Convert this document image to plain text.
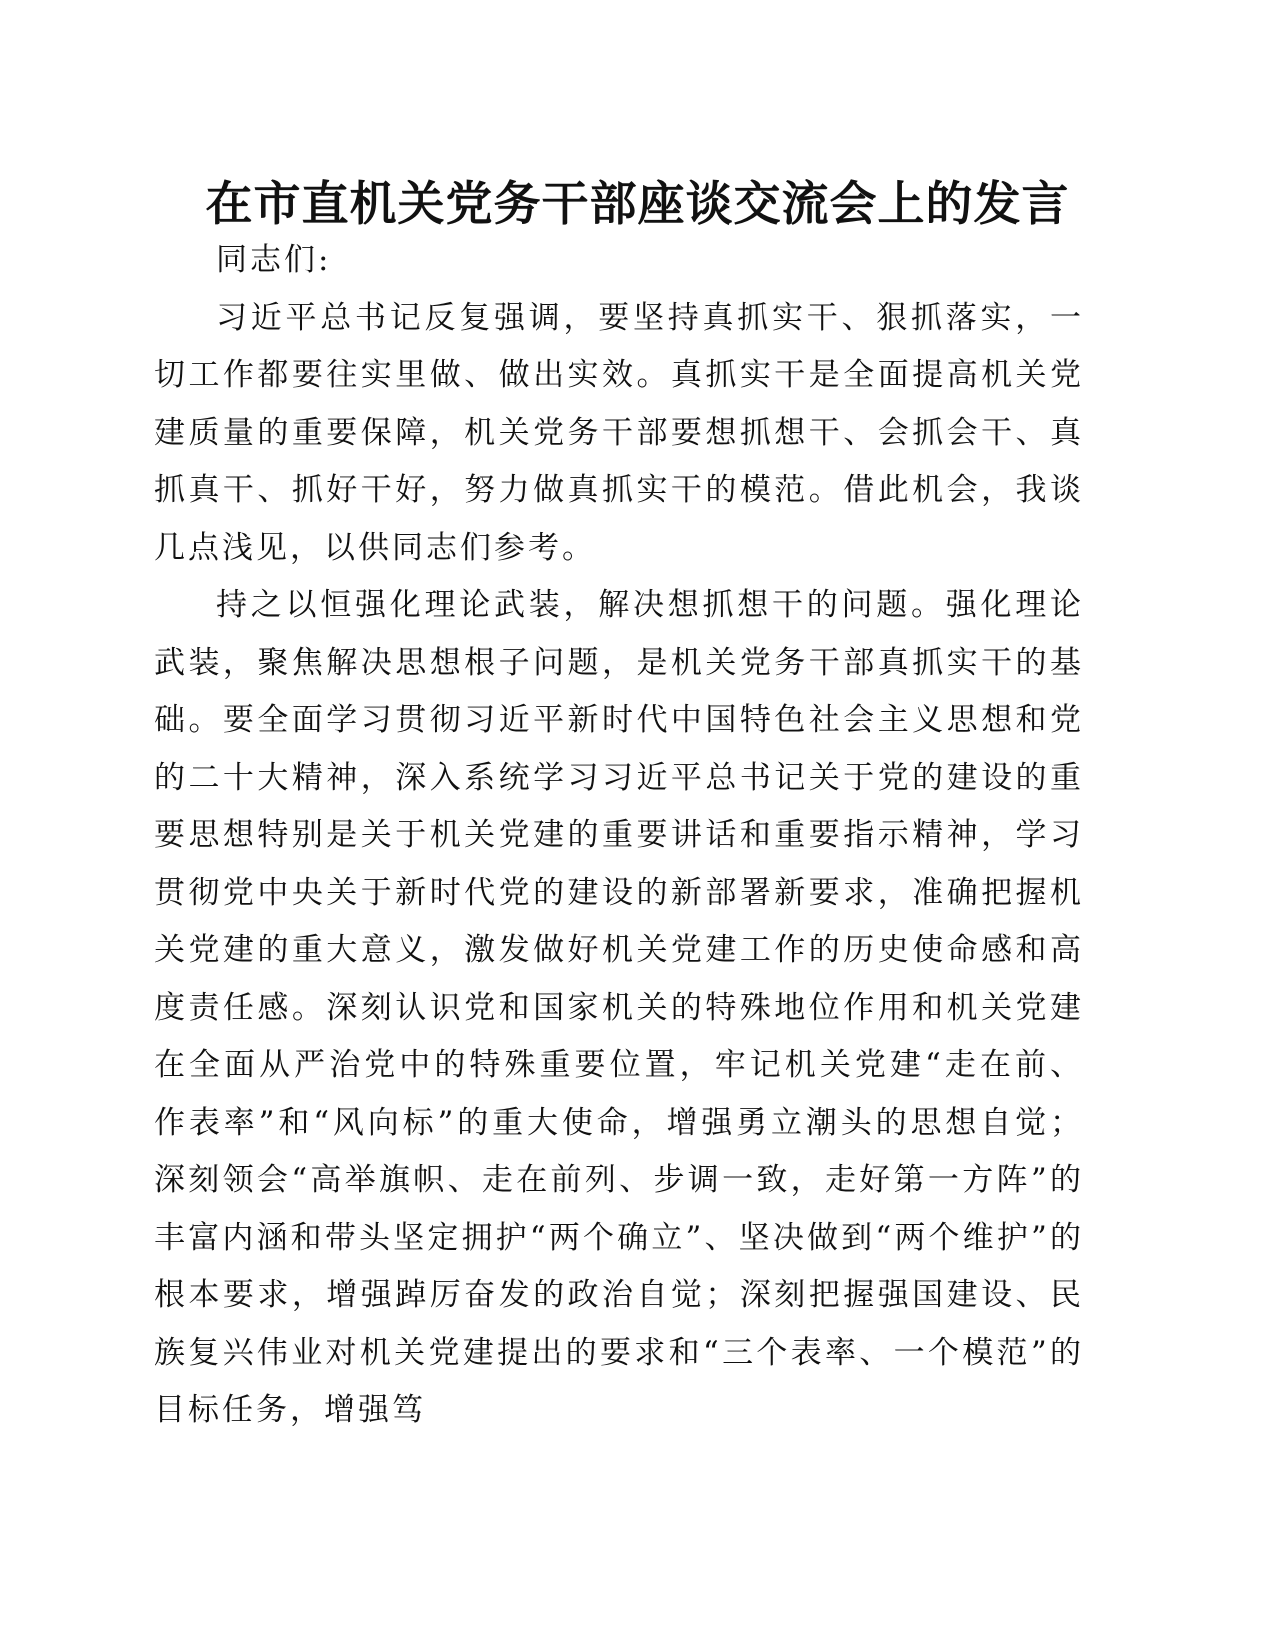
在市直机关党务干部座谈交流会上的发言

同志们:

习近平总书记反复强调，要坚持真抓实干、狠抓落实，一切工作都要往实里做、做出实效。真抓实干是全面提高机关党建质量的重要保障，机关党务干部要想抓想干、会抓会干、真抓真干、抓好干好，努力做真抓实干的模范。借此机会，我谈几点浅见，以供同志们参考。

持之以恒强化理论武装，解决想抓想干的问题。强化理论武装，聚焦解决思想根子问题，是机关党务干部真抓实干的基础。要全面学习贯彻习近平新时代中国特色社会主义思想和党的二十大精神，深入系统学习习近平总书记关于党的建设的重要思想特别是关于机关党建的重要讲话和重要指示精神，学习贯彻党中央关于新时代党的建设的新部署新要求，准确把握机关党建的重大意义，激发做好机关党建工作的历史使命感和高度责任感。深刻认识党和国家机关的特殊地位作用和机关党建在全面从严治党中的特殊重要位置，牢记机关党建“走在前、作表率”和“风向标”的重大使命，增强勇立潮头的思想自觉；深刻领会“高举旗帜、走在前列、步调一致，走好第一方阵”的丰富内涵和带头坚定拥护“两个确立”、坚决做到“两个维护”的根本要求，增强踔厉奋发的政治自觉；深刻把握强国建设、民族复兴伟业对机关党建提出的要求和“三个表率、一个模范”的目标任务，增强笃
